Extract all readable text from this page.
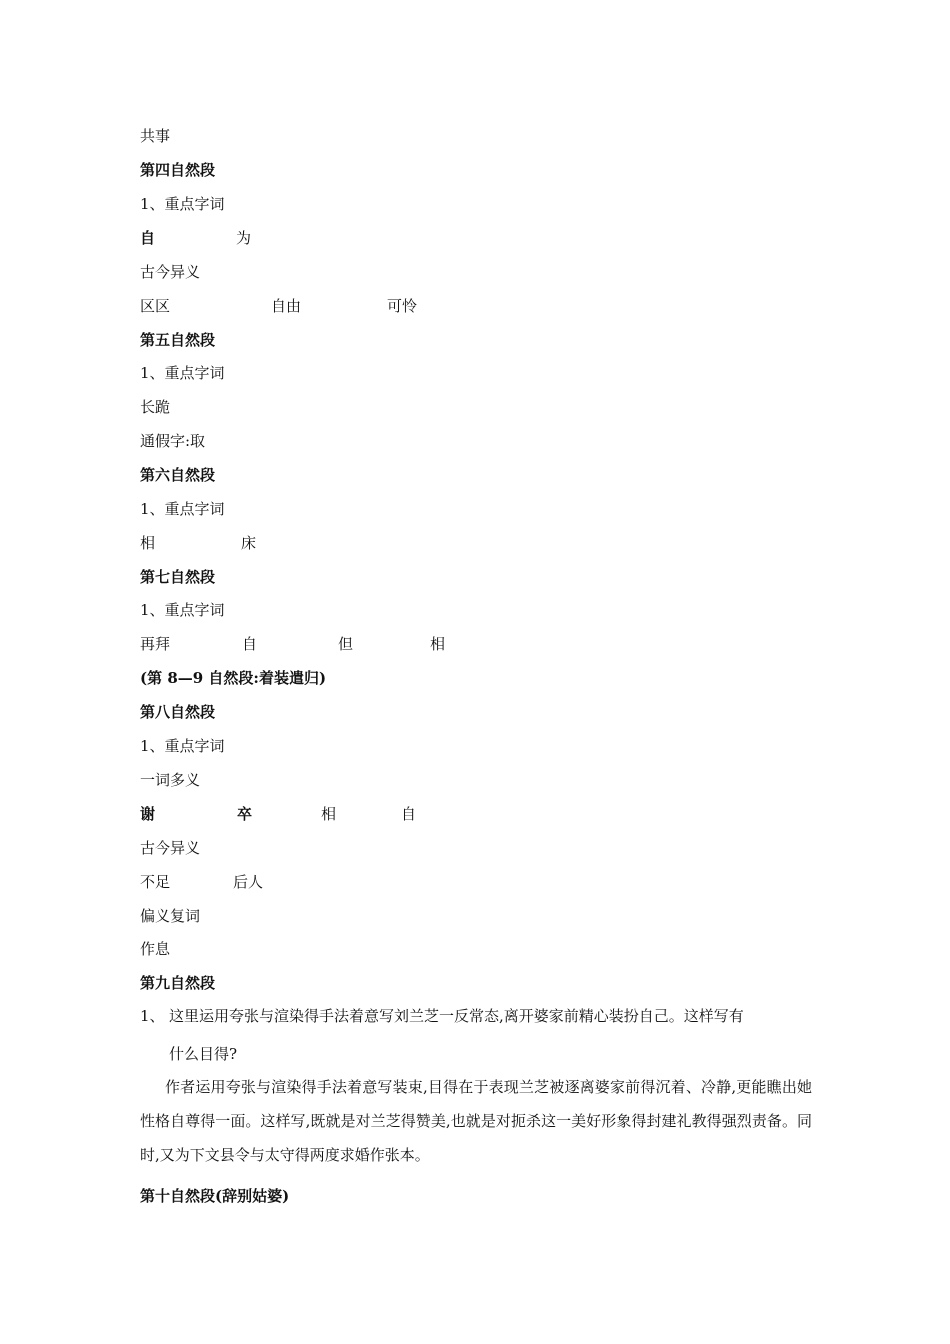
共事
第四自然段
1、重点字词
自	为
古今异义
区区	自由	可怜
第五自然段
1、重点字词
长跪
通假字:取
第六自然段
1、重点字词
相	床
第七自然段
1、重点字词
再拜	自	但	相
(第 8—9 自然段:着装遣归)
第八自然段
1、重点字词
一词多义
谢	卒	相	自
古今异义
不足	后人
偏义复词
作息
第九自然段
1、 这里运用夸张与渲染得手法着意写刘兰芝一反常态,离开婆家前精心装扮自己。这样写有
什么目得?
作者运用夸张与渲染得手法着意写装束,目得在于表现兰芝被逐离婆家前得沉着、冷静,更能瞧出她性格自尊得一面。这样写,既就是对兰芝得赞美,也就是对扼杀这一美好形象得封建礼教得强烈责备。同时,又为下文县令与太守得两度求婚作张本。
第十自然段(辞别姑婆)
